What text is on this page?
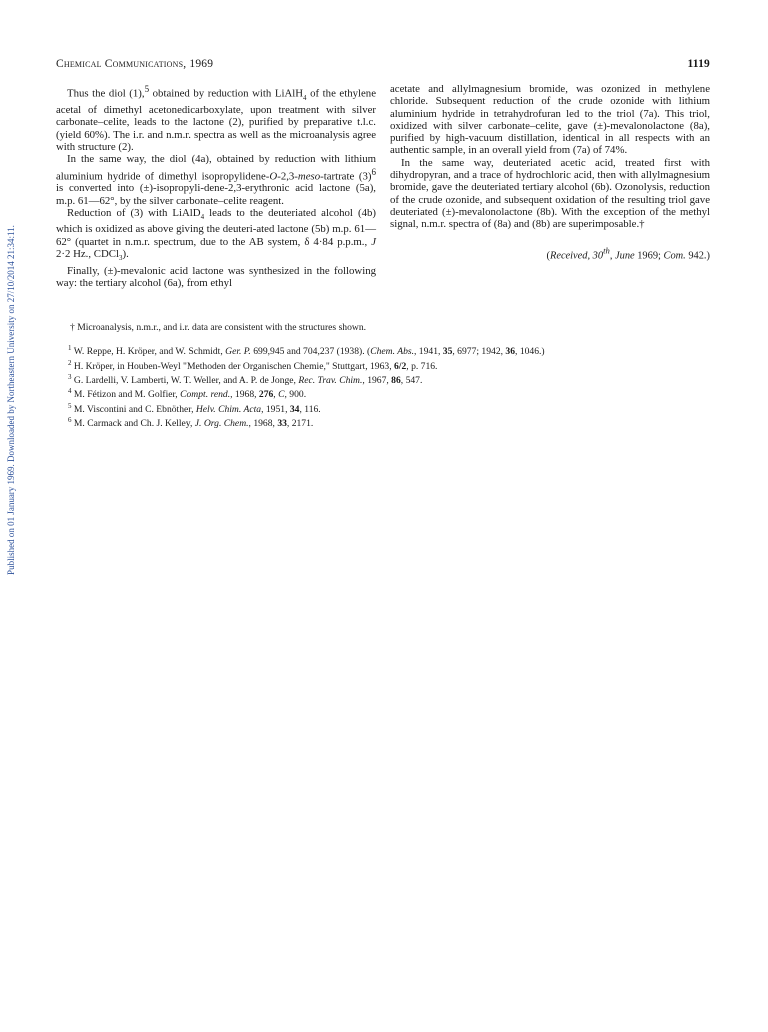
Published on 01 January 1969. Downloaded by Northeastern University on 27/10/2014 21:34:11.
Chemical Communications, 1969	1119

Thus the diol (1),$^5$ obtained by reduction with LiAlH$_4$ of the ethylene acetal of dimethyl acetonedicarboxylate, upon treatment with silver carbonate–celite, leads to the lactone (2), purified by preparative t.l.c. (yield 60%). The i.r. and n.m.r. spectra as well as the microanalysis agree with structure (2).

In the same way, the diol (4a), obtained by reduction with lithium aluminium hydride of dimethyl isopropylidene-O-2,3-meso-tartrate $(3)^6$ is converted into (±)-isopropyli-dene-2,3-erythronic acid lactone (5a), m.p. 61—62°, by the silver carbonate–celite reagent.

Reduction of (3) with LiAlD$_4$ leads to the deuteriated alcohol (4b) which is oxidized as above giving the deuteri-ated lactone (5b) m.p. 61—62° (quartet in n.m.r. spectrum, due to the AB system, δ 4·84 p.p.m., J 2·2 Hz., CDCl$_3$).

Finally, (±)-mevalonic acid lactone was synthesized in the following way: the tertiary alcohol (6a), from ethyl

acetate and allylmagnesium bromide, was ozonized in methylene chloride. Subsequent reduction of the crude ozonide with lithium aluminium hydride in tetrahydrofuran led to the triol (7a). This triol, oxidized with silver carbonate–celite, gave (±)-mevalonolactone (8a), purified by high-vacuum distillation, identical in all respects with an authentic sample, in an overall yield from (7a) of 74%.

In the same way, deuteriated acetic acid, treated first with dihydropyran, and a trace of hydrochloric acid, then with allylmagnesium bromide, gave the deuteriated tertiary alcohol (6b). Ozonolysis, reduction of the crude ozonide, and subsequent oxidation of the resulting triol gave deuteriated (±)-mevalonolactone (8b). With the exception of the methyl signal, n.m.r. spectra of (8a) and (8b) are superimposable.†

(Received, 30th, June 1969; Com. 942.)

† Microanalysis, n.m.r., and i.r. data are consistent with the structures shown.

$^1$ W. Reppe, H. Kröper, and W. Schmidt, Ger. P. 699,945 and 704,237 (1938). (Chem. Abs., 1941, 35, 6977; 1942, 36, 1046.)

$^2$ H. Kröper, in Houben-Weyl "Methoden der Organischen Chemie," Stuttgart, 1963, 6/2, p. 716.

$^3$ G. Lardelli, V. Lamberti, W. T. Weller, and A. P. de Jonge, Rec. Trav. Chim., 1967, 86, 547.

$^4$ M. Fétizon and M. Golfier, Compt. rend., 1968, 276, C, 900.

$^5$ M. Viscontini and C. Ebnöther, Helv. Chim. Acta, 1951, 34, 116.

$^6$ M. Carmack and Ch. J. Kelley, J. Org. Chem., 1968, 33, 2171.
